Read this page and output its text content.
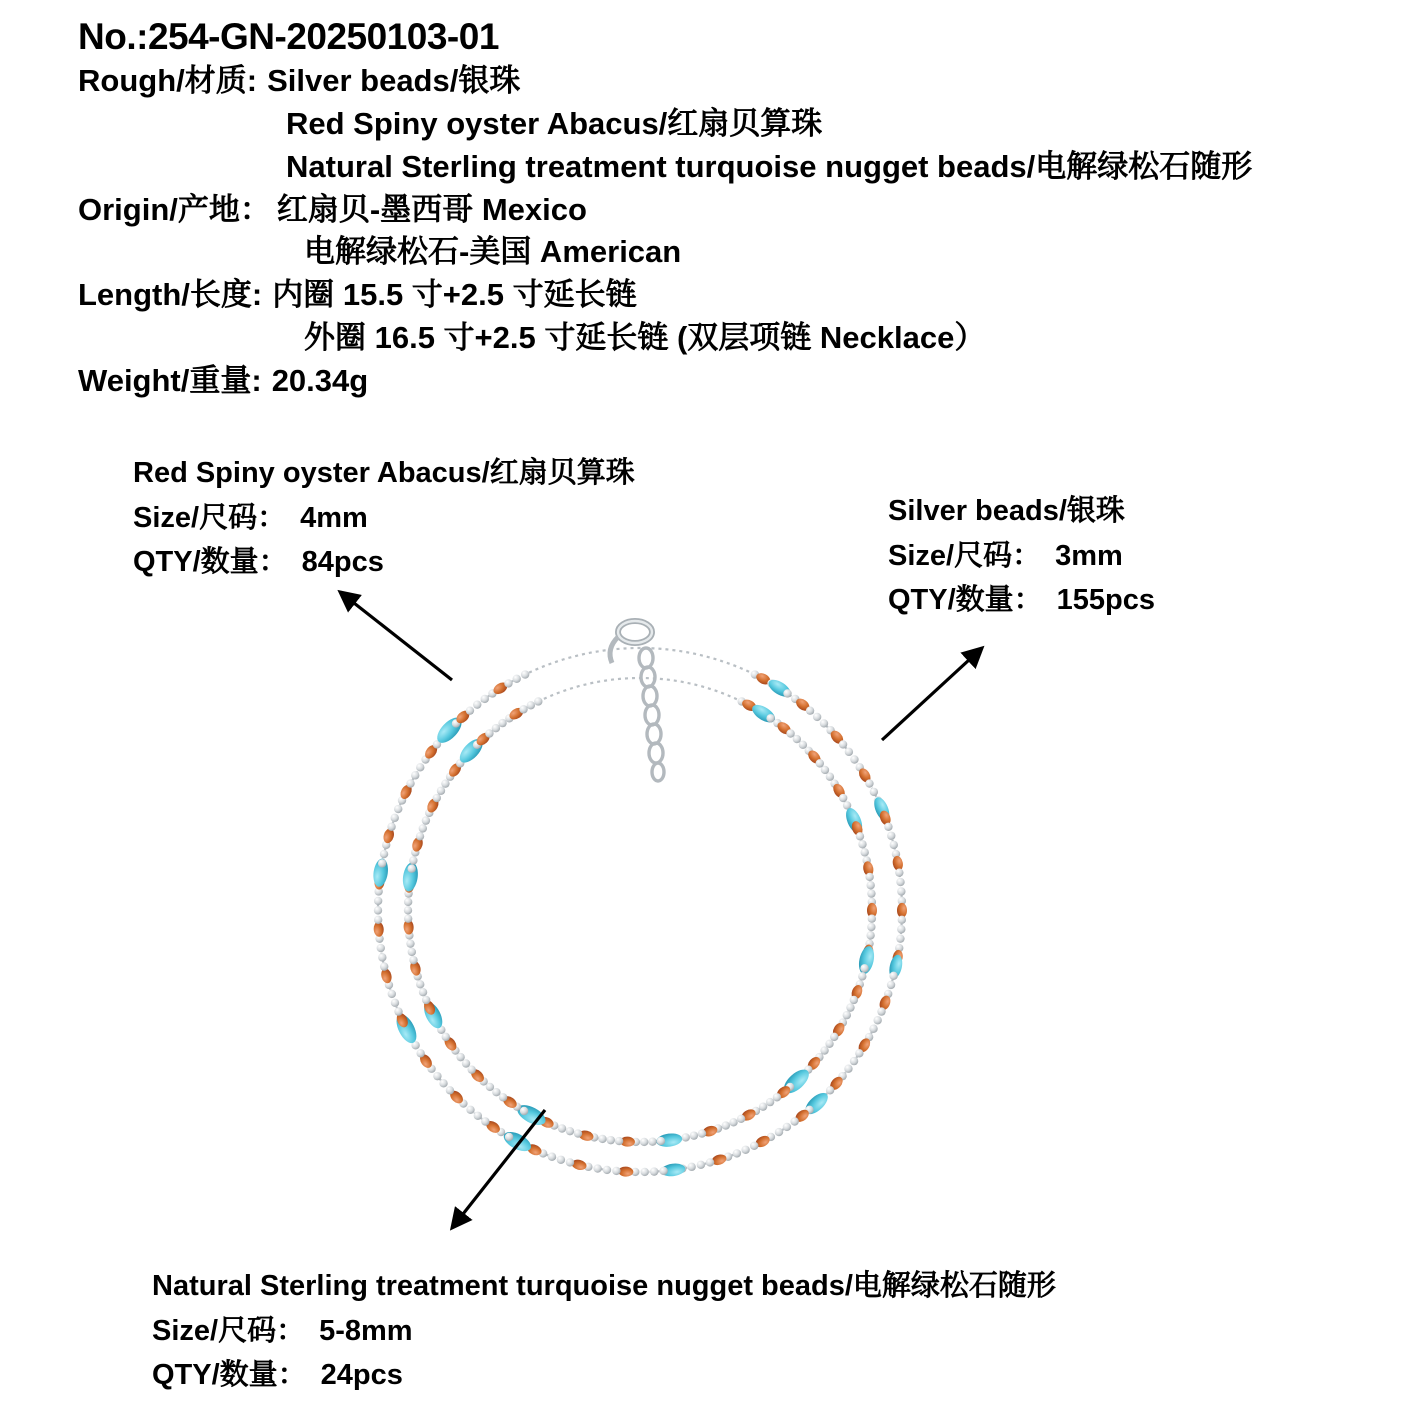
No.:254-GN-20250103-01
Rough/材质: Silver beads/银珠
Red Spiny oyster Abacus/红扇贝算珠
Natural Sterling treatment turquoise nugget beads/电解绿松石随形
Origin/产地： 红扇贝-墨西哥 Mexico
电解绿松石-美国 American
Length/长度: 内圈 15.5 寸+2.5 寸延长链
外圈 16.5 寸+2.5 寸延长链 (双层项链 Necklace）
Weight/重量: 20.34g
Red Spiny oyster Abacus/红扇贝算珠
Size/尺码： 4mm
QTY/数量： 84pcs
Silver beads/银珠
Size/尺码： 3mm
QTY/数量： 155pcs
Natural Sterling treatment turquoise nugget beads/电解绿松石随形
Size/尺码： 5-8mm
QTY/数量： 24pcs
